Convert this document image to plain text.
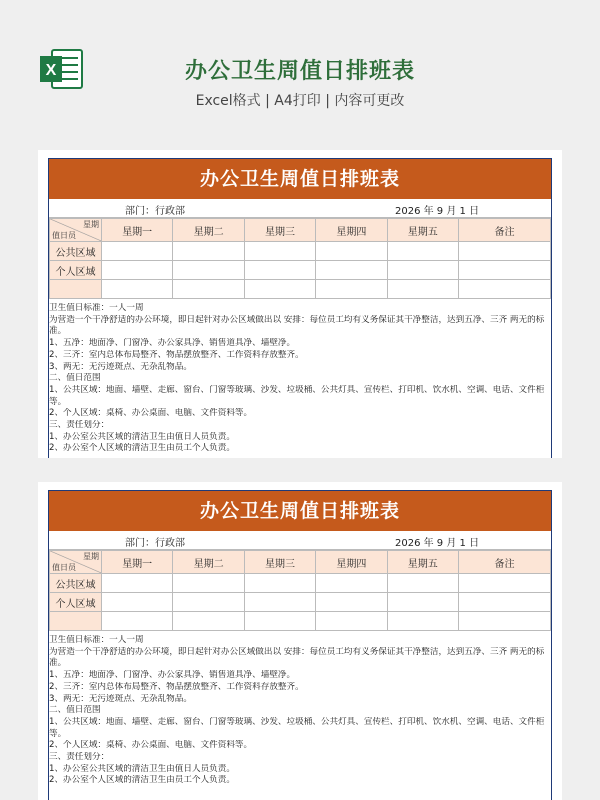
X	办公卫生周值日排班表
Excel格式 | A4打印 | 内容可更改
办公卫生周值日排班表
部门：行政部	2026 年 9 月 1 日
星期
值日员	星期一	星期二	星期三	星期四	星期五	备注
公共区域						
个人区域						

卫生值日标准：一人一周
为营造一个干净舒适的办公环境，即日起针对办公区域做出以 安排：每位员工均有义务保证其干净整洁，达到五净、三齐 两无的标准。
1、五净：地面净、门窗净、办公家具净、销售道具净、墙壁净。
2、三齐：室内总体布局整齐、物品摆放整齐、工作资料存放整齐。
3、两无：无污迹斑点、无杂乱物品。
二、值日范围
1、公共区域：地面、墙壁、走廊、窗台、门窗等玻璃、沙发、垃圾桶、公共灯具、宣传栏、打印机、饮水机、空调、电话、文件柜等。
2、个人区域：桌椅、办公桌面、电脑、文件资料等。
三、责任划分：
1、办公室公共区域的清洁卫生由值日人员负责。
2、办公室个人区域的清洁卫生由员工个人负责。
办公卫生周值日排班表
部门：行政部	2026 年 9 月 1 日
星期
值日员	星期一	星期二	星期三	星期四	星期五	备注
公共区域						
个人区域						

卫生值日标准：一人一周
为营造一个干净舒适的办公环境，即日起针对办公区域做出以 安排：每位员工均有义务保证其干净整洁，达到五净、三齐 两无的标准。
1、五净：地面净、门窗净、办公家具净、销售道具净、墙壁净。
2、三齐：室内总体布局整齐、物品摆放整齐、工作资料存放整齐。
3、两无：无污迹斑点、无杂乱物品。
二、值日范围
1、公共区域：地面、墙壁、走廊、窗台、门窗等玻璃、沙发、垃圾桶、公共灯具、宣传栏、打印机、饮水机、空调、电话、文件柜等。
2、个人区域：桌椅、办公桌面、电脑、文件资料等。
三、责任划分：
1、办公室公共区域的清洁卫生由值日人员负责。
2、办公室个人区域的清洁卫生由员工个人负责。
